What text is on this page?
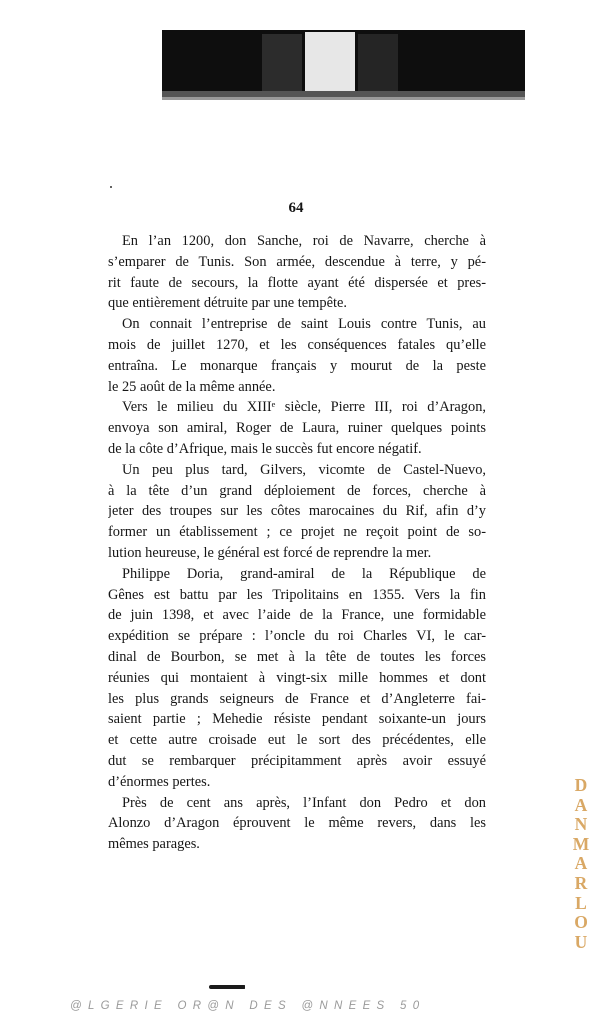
64
En l’an 1200, don Sanche, roi de Navarre, cherche à
s’emparer de Tunis. Son armée, descendue à terre, y pé-
rit faute de secours, la flotte ayant été dispersée et pres-
que entièrement détruite par une tempête.
On connait l’entreprise de saint Louis contre Tunis, au
mois de juillet 1270, et les conséquences fatales qu’elle
entraîna. Le monarque français y mourut de la peste
le 25 août de la même année.
Vers le milieu du XIIIᵉ siècle, Pierre III, roi d’Aragon,
envoya son amiral, Roger de Laura, ruiner quelques points
de la côte d’Afrique, mais le succès fut encore négatif.
Un peu plus tard, Gilvers, vicomte de Castel-Nuevo,
à la tête d’un grand déploiement de forces, cherche à
jeter des troupes sur les côtes marocaines du Rif, afin d’y
former un établissement ; ce projet ne reçoit point de so-
lution heureuse, le général est forcé de reprendre la mer.
Philippe Doria, grand-amiral de la République de
Gênes est battu par les Tripolitains en 1355. Vers la fin
de juin 1398, et avec l’aide de la France, une formidable
expédition se prépare : l’oncle du roi Charles VI, le car-
dinal de Bourbon, se met à la tête de toutes les forces
réunies qui montaient à vingt-six mille hommes et dont
les plus grands seigneurs de France et d’Angleterre fai-
saient partie ; Mehedie résiste pendant soixante-un jours
et cette autre croisade eut le sort des précédentes, elle
dut se rembarquer précipitamment après avoir essuyé
d’énormes pertes.
Près de cent ans après, l’Infant don Pedro et don
Alonzo d’Aragon éprouvent le même revers, dans les
mêmes parages.
D
A
N
M
A
R
L
O
U
@LGERIE OR@N DES @NNEES 50
